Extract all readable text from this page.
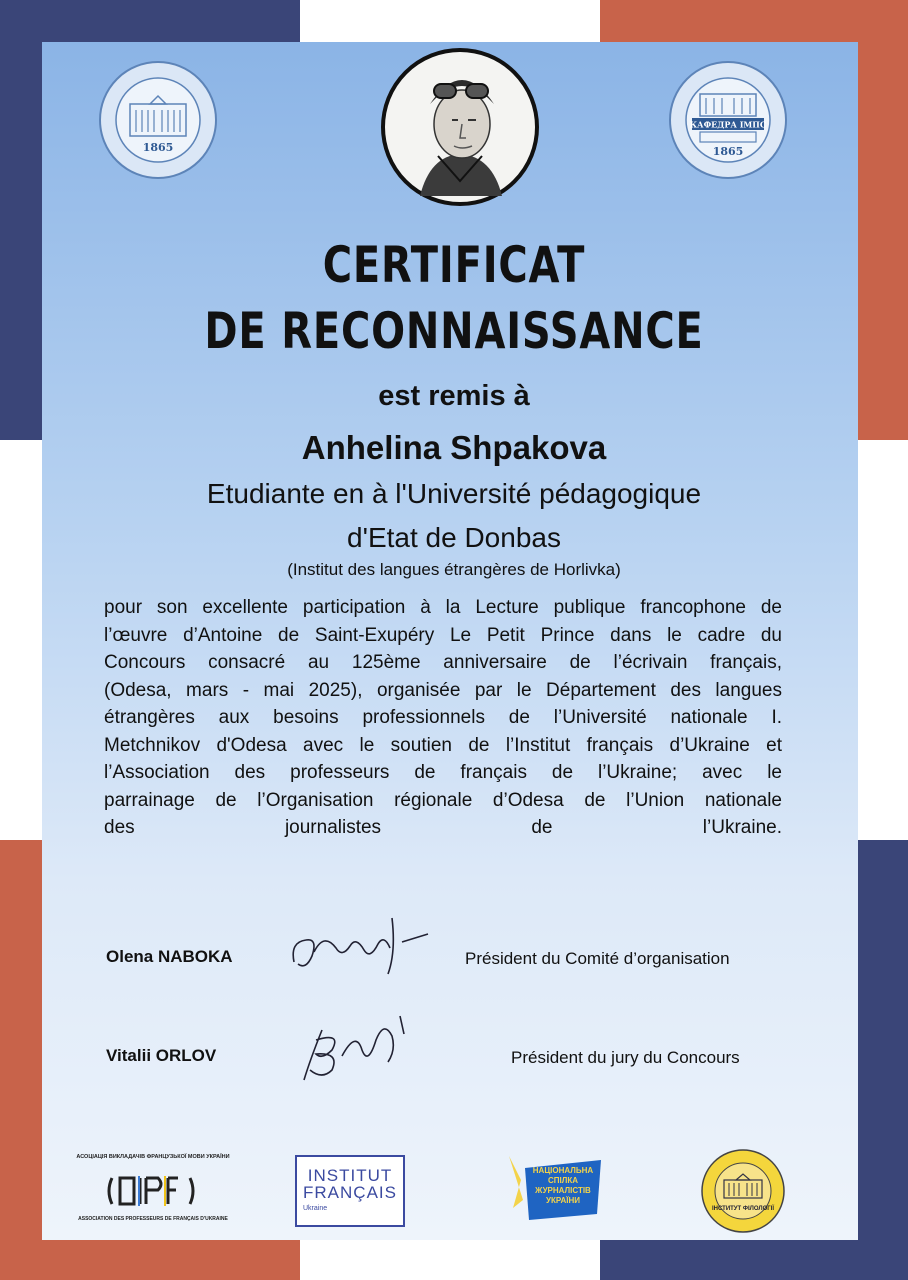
1865
КАФЕДРА ІМПС
1865
CERTIFICAT
DE RECONNAISSANCE
est remis à
Anhelina Shpakova
Etudiante en à l'Université pédagogique
d'Etat de Donbas
(Institut des langues étrangères de Horlivka)
pour son excellente participation à la Lecture publique francophone de
l’œuvre d’Antoine de Saint-Exupéry Le Petit Prince dans le cadre du
Concours consacré au 125ème anniversaire de l’écrivain français,
(Odesa, mars - mai 2025), organisée par le Département des langues
étrangères aux besoins professionnels de l’Université nationale I.
Metchnikov d'Odesa avec le soutien de l’Institut français d’Ukraine et
l’Association des professeurs de français de l’Ukraine; avec le
parrainage de l’Organisation régionale d’Odesa de l’Union nationale
des journalistes de l’Ukraine.
Olena NABOKA	Président du Comité d’organisation
Vitalii ORLOV	Président du jury du Concours
АСОЦІАЦІЯ ВИКЛАДАЧІВ ФРАНЦУЗЬКОЇ МОВИ УКРАЇНИ
ASSOCIATION DES PROFESSEURS DE FRANÇAIS D'UKRAINE
INSTITUT
FRANÇAIS
Ukraine
НАЦІОНАЛЬНА СПІЛКА ЖУРНАЛІСТІВ УКРАЇНИ
ІНСТИТУТ ФІЛОЛОГІЇ
